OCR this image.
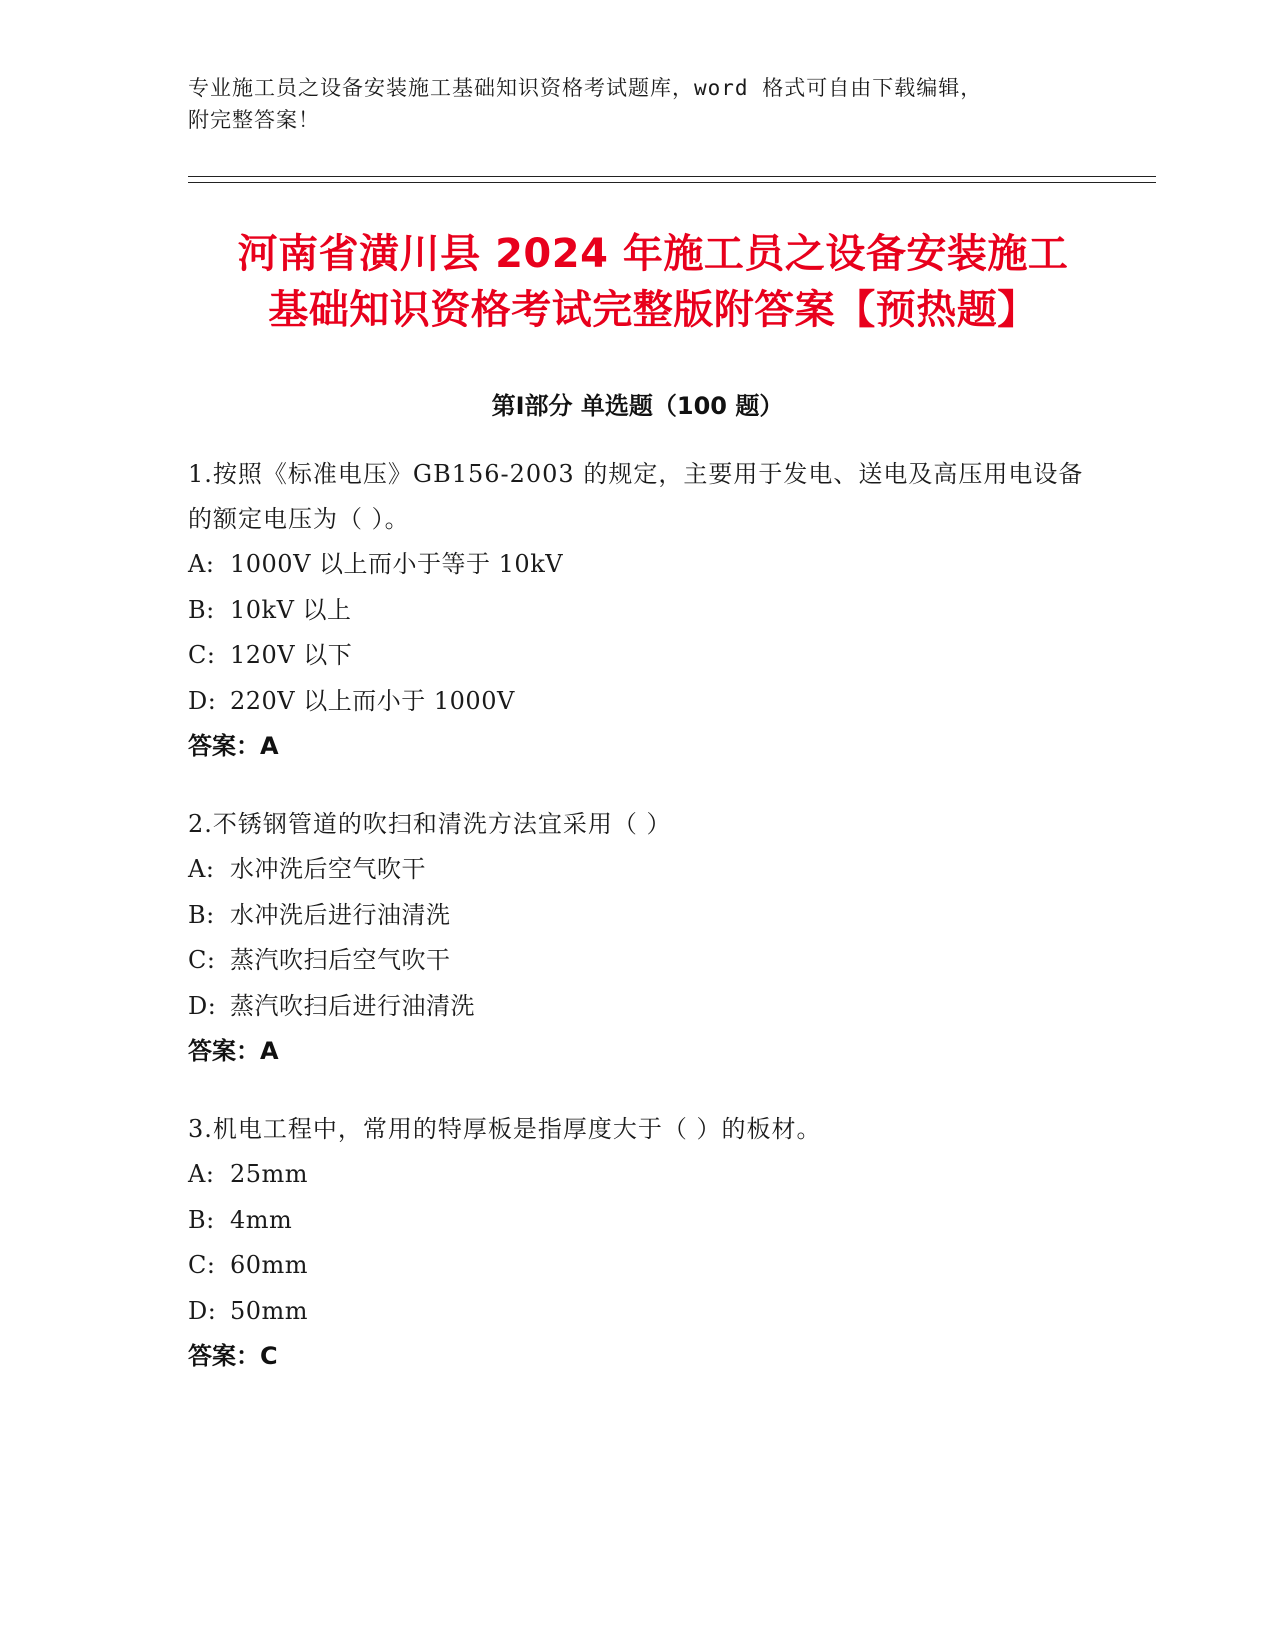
专业施工员之设备安装施工基础知识资格考试题库，word 格式可自由下载编辑，
附完整答案！
河南省潢川县 2024 年施工员之设备安装施工
基础知识资格考试完整版附答案【预热题】
第Ⅰ部分 单选题（100 题）
1.按照《标准电压》GB156-2003 的规定，主要用于发电、送电及高压用电设备的额定电压为（ ）。
A: 1000V 以上而小于等于 10kV
B: 10kV 以上
C: 120V 以下
D: 220V 以上而小于 1000V
答案：A
2.不锈钢管道的吹扫和清洗方法宜采用（ ）
A: 水冲洗后空气吹干
B: 水冲洗后进行油清洗
C: 蒸汽吹扫后空气吹干
D: 蒸汽吹扫后进行油清洗
答案：A
3.机电工程中，常用的特厚板是指厚度大于（ ）的板材。
A: 25mm
B: 4mm
C: 60mm
D: 50mm
答案：C
